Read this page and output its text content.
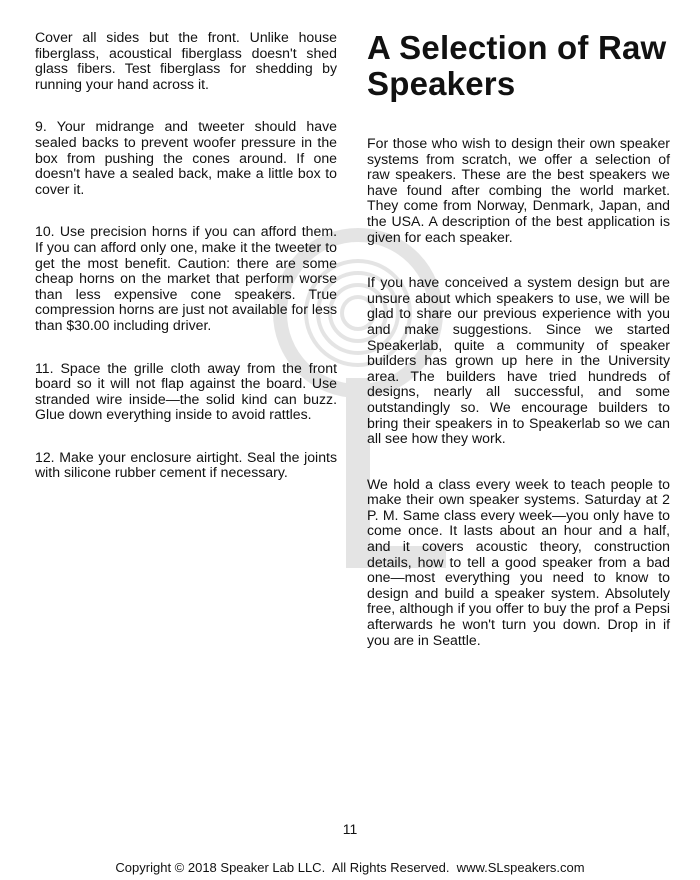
Cover all sides but the front. Unlike house fiberglass, acoustical fiberglass doesn't shed glass fibers. Test fiberglass for shedding by running your hand across it.

9. Your midrange and tweeter should have sealed backs to prevent woofer pressure in the box from pushing the cones around. If one doesn't have a sealed back, make a little box to cover it.

10. Use precision horns if you can afford them. If you can afford only one, make it the tweeter to get the most benefit. Caution: there are some cheap horns on the market that perform worse than less expensive cone speakers. True compression horns are just not available for less than $30.00 including driver.

11. Space the grille cloth away from the front board so it will not flap against the board. Use stranded wire inside—the solid kind can buzz. Glue down everything inside to avoid rattles.

12. Make your enclosure airtight. Seal the joints with silicone rubber cement if necessary.

A Selection of Raw Speakers

For those who wish to design their own speaker systems from scratch, we offer a selection of raw speakers. These are the best speakers we have found after combing the world market. They come from Norway, Denmark, Japan, and the USA. A description of the best application is given for each speaker.

If you have conceived a system design but are unsure about which speakers to use, we will be glad to share our previous experience with you and make suggestions. Since we started Speakerlab, quite a community of speaker builders has grown up here in the University area. The builders have tried hundreds of designs, nearly all successful, and some outstandingly so. We encourage builders to bring their speakers in to Speakerlab so we can all see how they work.

We hold a class every week to teach people to make their own speaker systems. Saturday at 2 P. M. Same class every week—you only have to come once. It lasts about an hour and a half, and it covers acoustic theory, construction details, how to tell a good speaker from a bad one—most everything you need to know to design and build a speaker system. Absolutely free, although if you offer to buy the prof a Pepsi afterwards he won't turn you down. Drop in if you are in Seattle.

11
Copyright © 2018 Speaker Lab LLC.  All Rights Reserved.  www.SLspeakers.com
